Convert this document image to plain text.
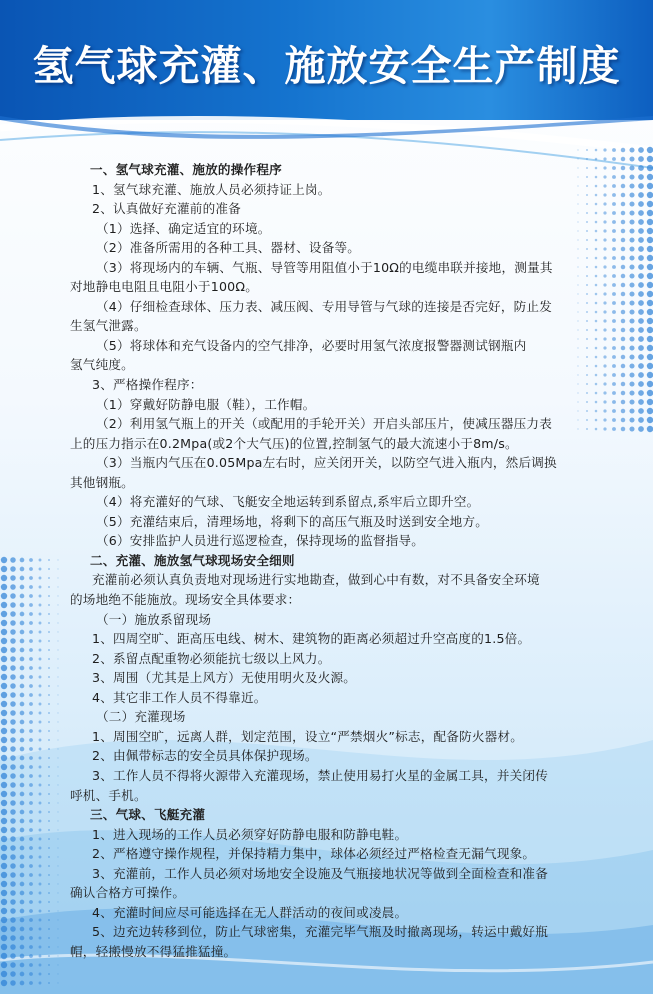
氢气球充灌、施放安全生产制度

一、氢气球充灌、施放的操作程序

1、氢气球充灌、施放人员必须持证上岗。

2、认真做好充灌前的准备

（1）选择、确定适宜的环境。

（2）准备所需用的各种工具、器材、设备等。

（3）将现场内的车辆、气瓶、导管等用阻值小于10Ω的电缆串联并接地，测量其

对地静电电阻且电阻小于100Ω。

（4）仔细检查球体、压力表、减压阀、专用导管与气球的连接是否完好，防止发

生氢气泄露。

（5）将球体和充气设备内的空气排净，必要时用氢气浓度报警器测试钢瓶内

氢气纯度。

3、严格操作程序：

（1）穿戴好防静电服（鞋），工作帽。

（2）利用氢气瓶上的开关（或配用的手轮开关）开启头部压片，使减压器压力表

上的压力指示在0.2Mpa(或2个大气压)的位置,控制氢气的最大流速小于8m/s。

（3）当瓶内气压在0.05Mpa左右时，应关闭开关，以防空气进入瓶内，然后调换

其他钢瓶。

（4）将充灌好的气球、飞艇安全地运转到系留点,系牢后立即升空。

（5）充灌结束后，清理场地，将剩下的高压气瓶及时送到安全地方。

（6）安排监护人员进行巡逻检查，保持现场的监督指导。

二、充灌、施放氢气球现场安全细则

充灌前必须认真负责地对现场进行实地勘查，做到心中有数，对不具备安全环境

的场地绝不能施放。现场安全具体要求：

（一）施放系留现场

1、四周空旷、距高压电线、树木、建筑物的距离必须超过升空高度的1.5倍。

2、系留点配重物必须能抗七级以上风力。

3、周围（尤其是上风方）无使用明火及火源。

4、其它非工作人员不得靠近。

（二）充灌现场

1、周围空旷，远离人群，划定范围，设立“严禁烟火”标志，配备防火器材。

2、由佩带标志的安全员具体保护现场。

3、工作人员不得将火源带入充灌现场，禁止使用易打火星的金属工具，并关闭传

呼机、手机。

三、气球、飞艇充灌

1、进入现场的工作人员必须穿好防静电服和防静电鞋。

2、严格遵守操作规程，并保持精力集中，球体必须经过严格检查无漏气现象。

3、充灌前，工作人员必须对场地安全设施及气瓶接地状况等做到全面检查和准备

确认合格方可操作。

4、充灌时间应尽可能选择在无人群活动的夜间或凌晨。

5、边充边转移到位，防止气球密集，充灌完毕气瓶及时撤离现场，转运中戴好瓶

帽，轻搬慢放不得猛推猛撞。
